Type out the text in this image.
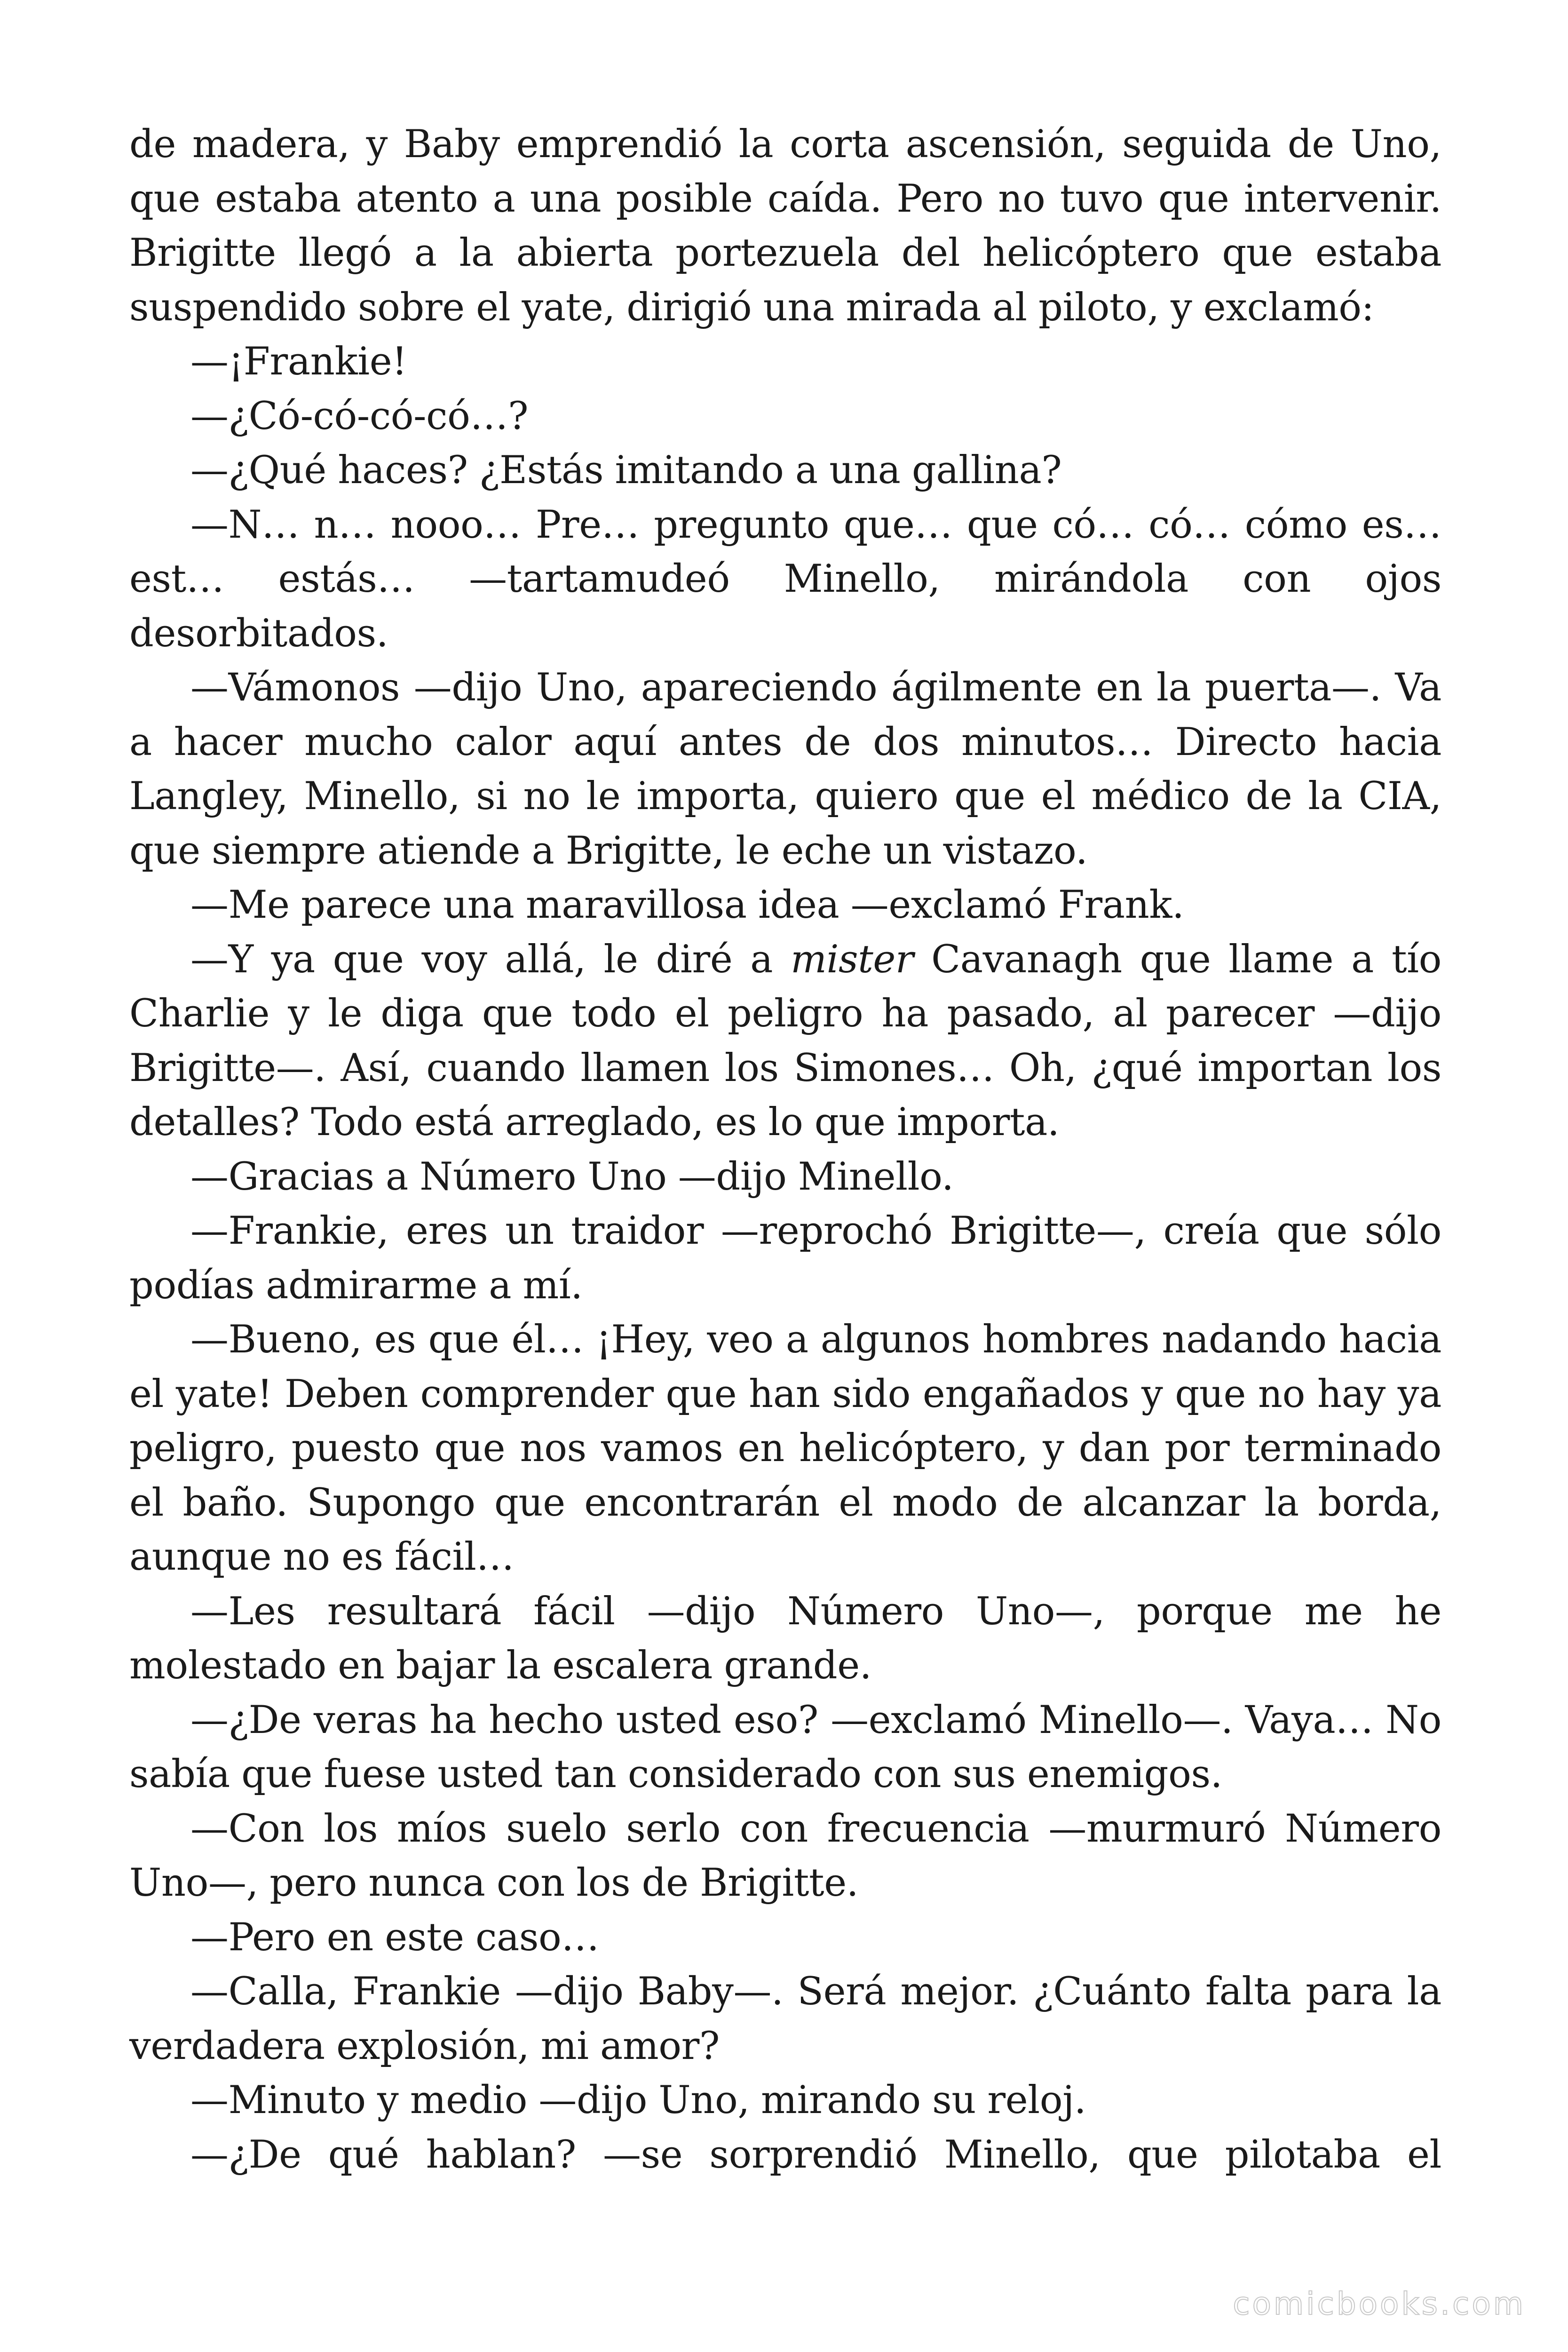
de madera, y Baby emprendió la corta ascensión, seguida de Uno, que estaba atento a una posible caída. Pero no tuvo que intervenir. Brigitte llegó a la abierta portezuela del helicóptero que estaba suspendido sobre el yate, dirigió una mirada al piloto, y exclamó:

—¡Frankie!

—¿Có-có-có-có…?

—¿Qué haces? ¿Estás imitando a una gallina?

—N… n… nooo… Pre… pregunto que… que có… có… cómo es… est… estás… —tartamudeó Minello, mirándola con ojos desorbitados.

—Vámonos —dijo Uno, apareciendo ágilmente en la puerta—. Va a hacer mucho calor aquí antes de dos minutos… Directo hacia Langley, Minello, si no le importa, quiero que el médico de la CIA, que siempre atiende a Brigitte, le eche un vistazo.

—Me parece una maravillosa idea —exclamó Frank.

—Y ya que voy allá, le diré a mister Cavanagh que llame a tío Charlie y le diga que todo el peligro ha pasado, al parecer —dijo Brigitte—. Así, cuando llamen los Simones… Oh, ¿qué importan los detalles? Todo está arreglado, es lo que importa.

—Gracias a Número Uno —dijo Minello.

—Frankie, eres un traidor —reprochó Brigitte—, creía que sólo podías admirarme a mí.

—Bueno, es que él… ¡Hey, veo a algunos hombres nadando hacia el yate! Deben comprender que han sido engañados y que no hay ya peligro, puesto que nos vamos en helicóptero, y dan por terminado el baño. Supongo que encontrarán el modo de alcanzar la borda, aunque no es fácil…

—Les resultará fácil —dijo Número Uno—, porque me he molestado en bajar la escalera grande.

—¿De veras ha hecho usted eso? —exclamó Minello—. Vaya… No sabía que fuese usted tan considerado con sus enemigos.

—Con los míos suelo serlo con frecuencia —murmuró Número Uno—, pero nunca con los de Brigitte.

—Pero en este caso…

—Calla, Frankie —dijo Baby—. Será mejor. ¿Cuánto falta para la verdadera explosión, mi amor?

—Minuto y medio —dijo Uno, mirando su reloj.

—¿De qué hablan? —se sorprendió Minello, que pilotaba el

comicbooks.com
